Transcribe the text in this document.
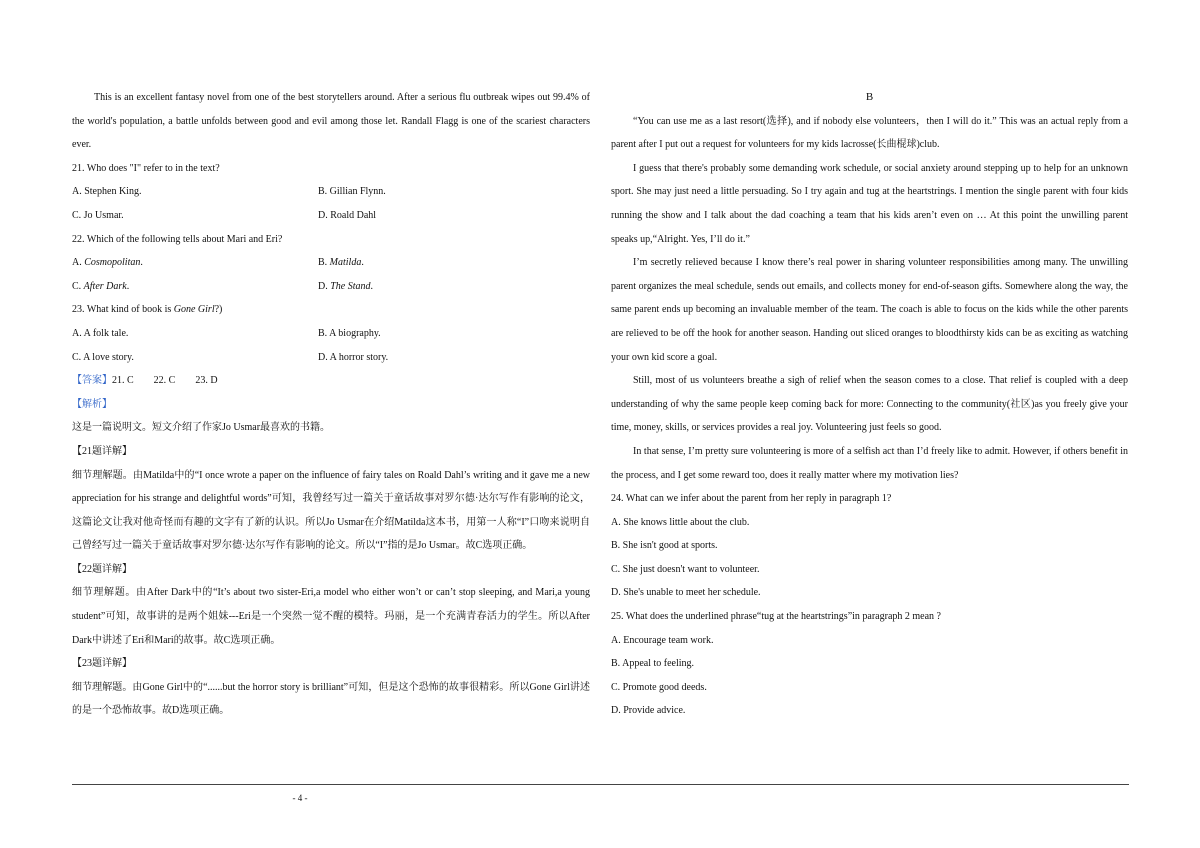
This is an excellent fantasy novel from one of the best storytellers around. After a serious flu outbreak wipes out 99.4% of the world's population, a battle unfolds between good and evil among those let. Randall Flagg is one of the scariest characters ever.

21. Who does "I" refer to in the text?

A. Stephen King.	B. Gillian Flynn.
C. Jo Usmar.	D. Roald Dahl

22. Which of the following tells about Mari and Eri?

A. Cosmopolitan.	B. Matilda.
C. After Dark.	D. The Stand.

23. What kind of book is Gone Girl?)

A. A folk tale.	B. A biography.
C. A love story.	D. A horror story.

【答案】21. C        22. C        23. D

【解析】

这是一篇说明文。短文介绍了作家Jo Usmar最喜欢的书籍。

【21题详解】

细节理解题。由Matilda中的“I once wrote a paper on the influence of fairy tales on Roald Dahl’s writing and it gave me a new appreciation for his strange and delightful words”可知，我曾经写过一篇关于童话故事对罗尔德·达尔写作有影响的论文，这篇论文让我对他奇怪而有趣的文字有了新的认识。所以Jo Usmar在介绍Matilda这本书，用第一人称“I”口吻来说明自己曾经写过一篇关于童话故事对罗尔德·达尔写作有影响的论文。所以“I”指的是Jo Usmar。故C选项正确。

【22题详解】

细节理解题。由After Dark中的“It’s about two sister-Eri,a model who either won’t or can’t stop sleeping, and Mari,a young student”可知，故事讲的是两个姐妹---Eri是一个突然一觉不醒的模特。玛丽，是一个充满青春活力的学生。所以After Dark中讲述了Eri和Mari的故事。故C选项正确。

【23题详解】

细节理解题。由Gone Girl中的“......but the horror story is brilliant”可知，但是这个恐怖的故事很精彩。所以Gone Girl讲述的是一个恐怖故事。故D选项正确。

B

“You can use me as a last resort(选择), and if nobody else volunteers，then I will do it.” This was an actual reply from a parent after I put out a request for volunteers for my kids lacrosse(长曲棍球)club.

I guess that there's probably some demanding work schedule, or social anxiety around stepping up to help for an unknown sport. She may just need a little persuading. So I try again and tug at the heartstrings. I mention the single parent with four kids running the show and I talk about the dad coaching a team that his kids aren’t even on … At this point the unwilling parent speaks up,“Alright. Yes, I’ll do it.”

I’m secretly relieved because I know there’s real power in sharing volunteer responsibilities among many. The unwilling parent organizes the meal schedule, sends out emails, and collects money for end-of-season gifts. Somewhere along the way, the same parent ends up becoming an invaluable member of the team. The coach is able to focus on the kids while the other parents are relieved to be off the hook for another season. Handing out sliced oranges to bloodthirsty kids can be as exciting as watching your own kid score a goal.

Still, most of us volunteers breathe a sigh of relief when the season comes to a close. That relief is coupled with a deep understanding of why the same people keep coming back for more: Connecting to the community(社区)as you freely give your time, money, skills, or services provides a real joy. Volunteering just feels so good.

In that sense, I’m pretty sure volunteering is more of a selfish act than I’d freely like to admit. However, if others benefit in the process, and I get some reward too, does it really matter where my motivation lies?

24. What can we infer about the parent from her reply in paragraph 1?

A. She knows little about the club.

B. She isn't good at sports.

C. She just doesn't want to volunteer.

D. She's unable to meet her schedule.

25. What does the underlined phrase“tug at the heartstrings”in paragraph 2 mean ?

A. Encourage team work.

B. Appeal to feeling.

C. Promote good deeds.

D. Provide advice.

- 4 -
